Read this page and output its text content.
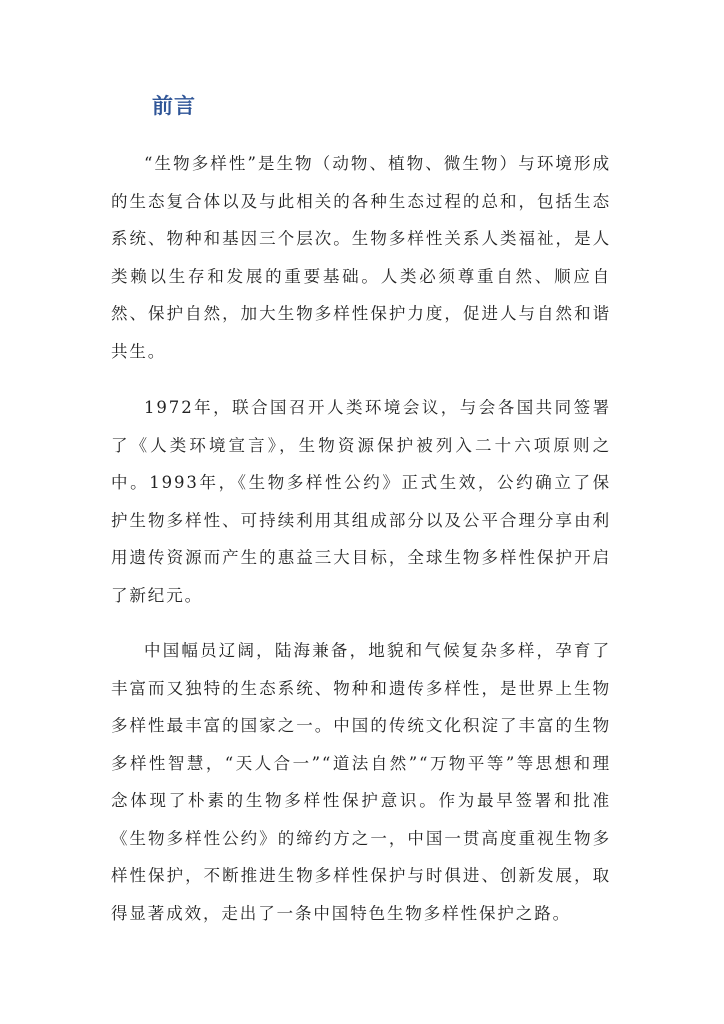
前言

“生物多样性”是生物（动物、植物、微生物）与环境形成的生态复合体以及与此相关的各种生态过程的总和，包括生态系统、物种和基因三个层次。生物多样性关系人类福祉，是人类赖以生存和发展的重要基础。人类必须尊重自然、顺应自然、保护自然，加大生物多样性保护力度，促进人与自然和谐共生。

1972年，联合国召开人类环境会议，与会各国共同签署了《人类环境宣言》，生物资源保护被列入二十六项原则之中。1993年，《生物多样性公约》正式生效，公约确立了保护生物多样性、可持续利用其组成部分以及公平合理分享由利用遗传资源而产生的惠益三大目标，全球生物多样性保护开启了新纪元。

中国幅员辽阔，陆海兼备，地貌和气候复杂多样，孕育了丰富而又独特的生态系统、物种和遗传多样性，是世界上生物多样性最丰富的国家之一。中国的传统文化积淀了丰富的生物多样性智慧，“天人合一”“道法自然”“万物平等”等思想和理念体现了朴素的生物多样性保护意识。作为最早签署和批准《生物多样性公约》的缔约方之一，中国一贯高度重视生物多样性保护，不断推进生物多样性保护与时俱进、创新发展，取得显著成效，走出了一条中国特色生物多样性保护之路。
